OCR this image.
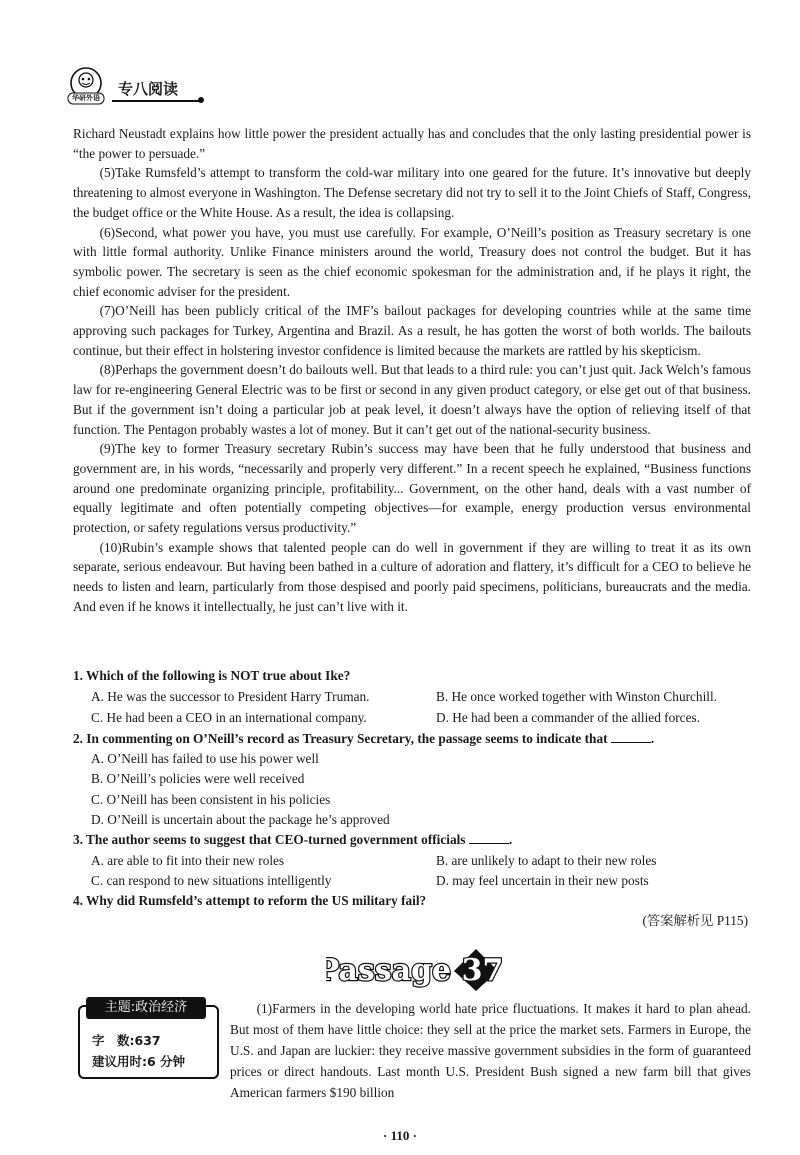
华研外语 专八阅读

Richard Neustadt explains how little power the president actually has and concludes that the only lasting presidential power is “the power to persuade.”

(5)Take Rumsfeld’s attempt to transform the cold-war military into one geared for the future. It’s innovative but deeply threatening to almost everyone in Washington. The Defense secretary did not try to sell it to the Joint Chiefs of Staff, Congress, the budget office or the White House. As a result, the idea is collapsing.

(6)Second, what power you have, you must use carefully. For example, O’Neill’s position as Treasury secretary is one with little formal authority. Unlike Finance ministers around the world, Treasury does not control the budget. But it has symbolic power. The secretary is seen as the chief economic spokesman for the administration and, if he plays it right, the chief economic adviser for the president.

(7)O’Neill has been publicly critical of the IMF’s bailout packages for developing countries while at the same time approving such packages for Turkey, Argentina and Brazil. As a result, he has gotten the worst of both worlds. The bailouts continue, but their effect in holstering investor confidence is limited because the markets are rattled by his skepticism.

(8)Perhaps the government doesn’t do bailouts well. But that leads to a third rule: you can’t just quit. Jack Welch’s famous law for re-engineering General Electric was to be first or second in any given product category, or else get out of that business. But if the government isn’t doing a particular job at peak level, it doesn’t always have the option of relieving itself of that function. The Pentagon probably wastes a lot of money. But it can’t get out of the national-security business.

(9)The key to former Treasury secretary Rubin’s success may have been that he fully understood that business and government are, in his words, “necessarily and properly very different.” In a recent speech he explained, “Business functions around one predominate organizing principle, profitability... Government, on the other hand, deals with a vast number of equally legitimate and often potentially competing objectives—for example, energy production versus environmental protection, or safety regulations versus productivity.”

(10)Rubin’s example shows that talented people can do well in government if they are willing to treat it as its own separate, serious endeavour. But having been bathed in a culture of adoration and flattery, it’s difficult for a CEO to believe he needs to listen and learn, particularly from those despised and poorly paid specimens, politicians, bureaucrats and the media. And even if he knows it intellectually, he just can’t live with it.

1. Which of the following is NOT true about Ike?
A. He was the successor to President Harry Truman.	B. He once worked together with Winston Churchill.
C. He had been a CEO in an international company.	D. He had been a commander of the allied forces.
2. In commenting on O’Neill’s record as Treasury Secretary, the passage seems to indicate that	.
A. O’Neill has failed to use his power well
B. O’Neill’s policies were well received
C. O’Neill has been consistent in his policies
D. O’Neill is uncertain about the package he’s approved
3. The author seems to suggest that CEO-turned government officials	.
A. are able to fit into their new roles	B. are unlikely to adapt to their new roles
C. can respond to new situations intelligently	D. may feel uncertain in their new posts
4. Why did Rumsfeld’s attempt to reform the US military fail?
(答案解析见 P115)
Passage 37
主题:政治经济
字　数:637
建议用时:6 分钟

(1)Farmers in the developing world hate price fluctuations. It makes it hard to plan ahead. But most of them have little choice: they sell at the price the market sets. Farmers in Europe, the U.S. and Japan are luckier: they receive massive government subsidies in the form of guaranteed prices or direct handouts. Last month U.S. President Bush signed a new farm bill that gives American farmers $190 billion

· 110 ·
